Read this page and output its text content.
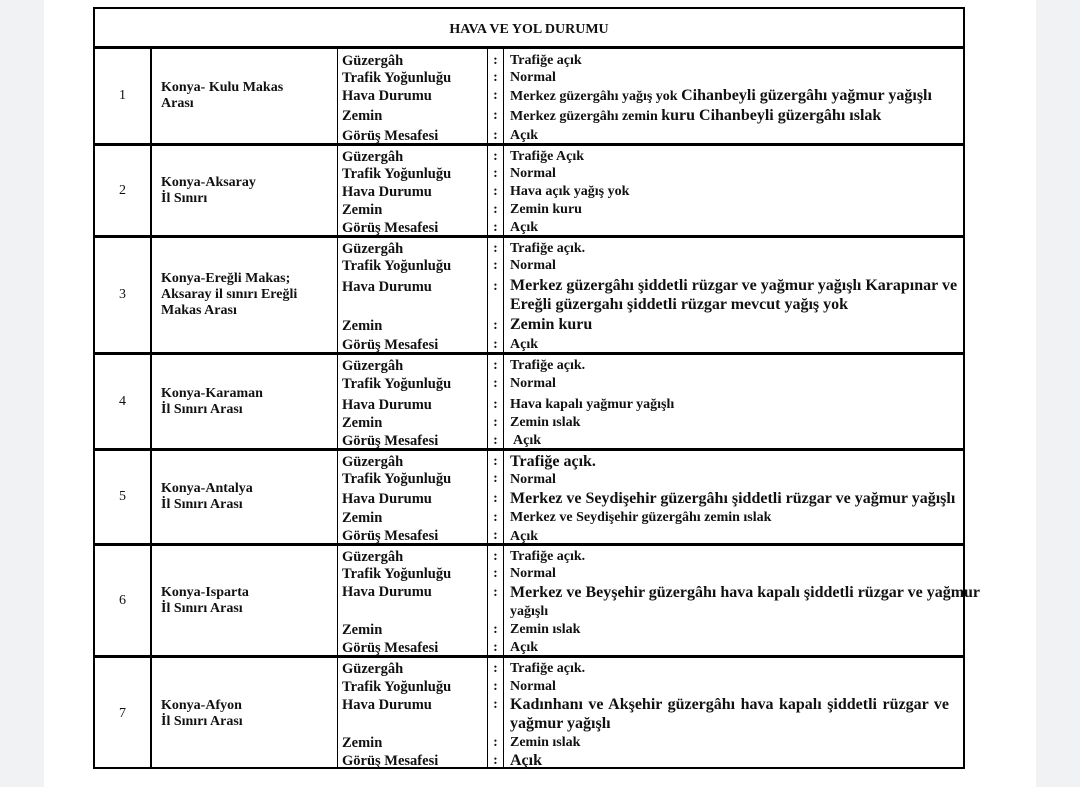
HAVA VE YOL DURUMU
1
Konya- Kulu Makas
Arası
Güzergâh
Trafik Yoğunluğu
Hava Durumu
Zemin
Görüş Mesafesi
:
:
:
:
:
Trafiğe açık
Normal
Merkez güzergâhı yağış yok Cihanbeyli güzergâhı yağmur yağışlı
Merkez güzergâhı zemin kuru Cihanbeyli güzergâhı ıslak
Açık
2
Konya-Aksaray
İl Sınırı
Güzergâh
Trafik Yoğunluğu
Hava Durumu
Zemin
Görüş Mesafesi
:
:
:
:
:
Trafiğe Açık
Normal
Hava açık yağış yok
Zemin kuru
Açık
3
Konya-Ereğli Makas;
Aksaray il sınırı Ereğli
Makas Arası
Güzergâh
Trafik Yoğunluğu
Hava Durumu
Zemin
Görüş Mesafesi
:
:
:
:
:
Trafiğe açık.
Normal
Merkez güzergâhı şiddetli rüzgar ve yağmur yağışlı Karapınar ve
Ereğli güzergahı şiddetli rüzgar mevcut yağış yok
Zemin kuru
Açık
4
Konya-Karaman
İl Sınırı Arası
Güzergâh
Trafik Yoğunluğu
Hava Durumu
Zemin
Görüş Mesafesi
:
:
:
:
:
Trafiğe açık.
Normal
Hava kapalı yağmur yağışlı
Zemin ıslak
Açık
5
Konya-Antalya
İl Sınırı Arası
Güzergâh
Trafik Yoğunluğu
Hava Durumu
Zemin
Görüş Mesafesi
:
:
:
:
:
Trafiğe açık.
Normal
Merkez ve Seydişehir güzergâhı şiddetli rüzgar ve yağmur yağışlı
Merkez ve Seydişehir güzergâhı zemin ıslak
Açık
6
Konya-Isparta
İl Sınırı Arası
Güzergâh
Trafik Yoğunluğu
Hava Durumu
Zemin
Görüş Mesafesi
:
:
:
:
:
Trafiğe açık.
Normal
Merkez ve Beyşehir güzergâhı hava kapalı şiddetli rüzgar ve yağmur
yağışlı
Zemin ıslak
Açık
7
Konya-Afyon
İl Sınırı Arası
Güzergâh
Trafik Yoğunluğu
Hava Durumu
Zemin
Görüş Mesafesi
:
:
:
:
:
Trafiğe açık.
Normal
Kadınhanı ve Akşehir güzergâhı hava kapalı şiddetli rüzgar ve
yağmur yağışlı
Zemin ıslak
Açık
